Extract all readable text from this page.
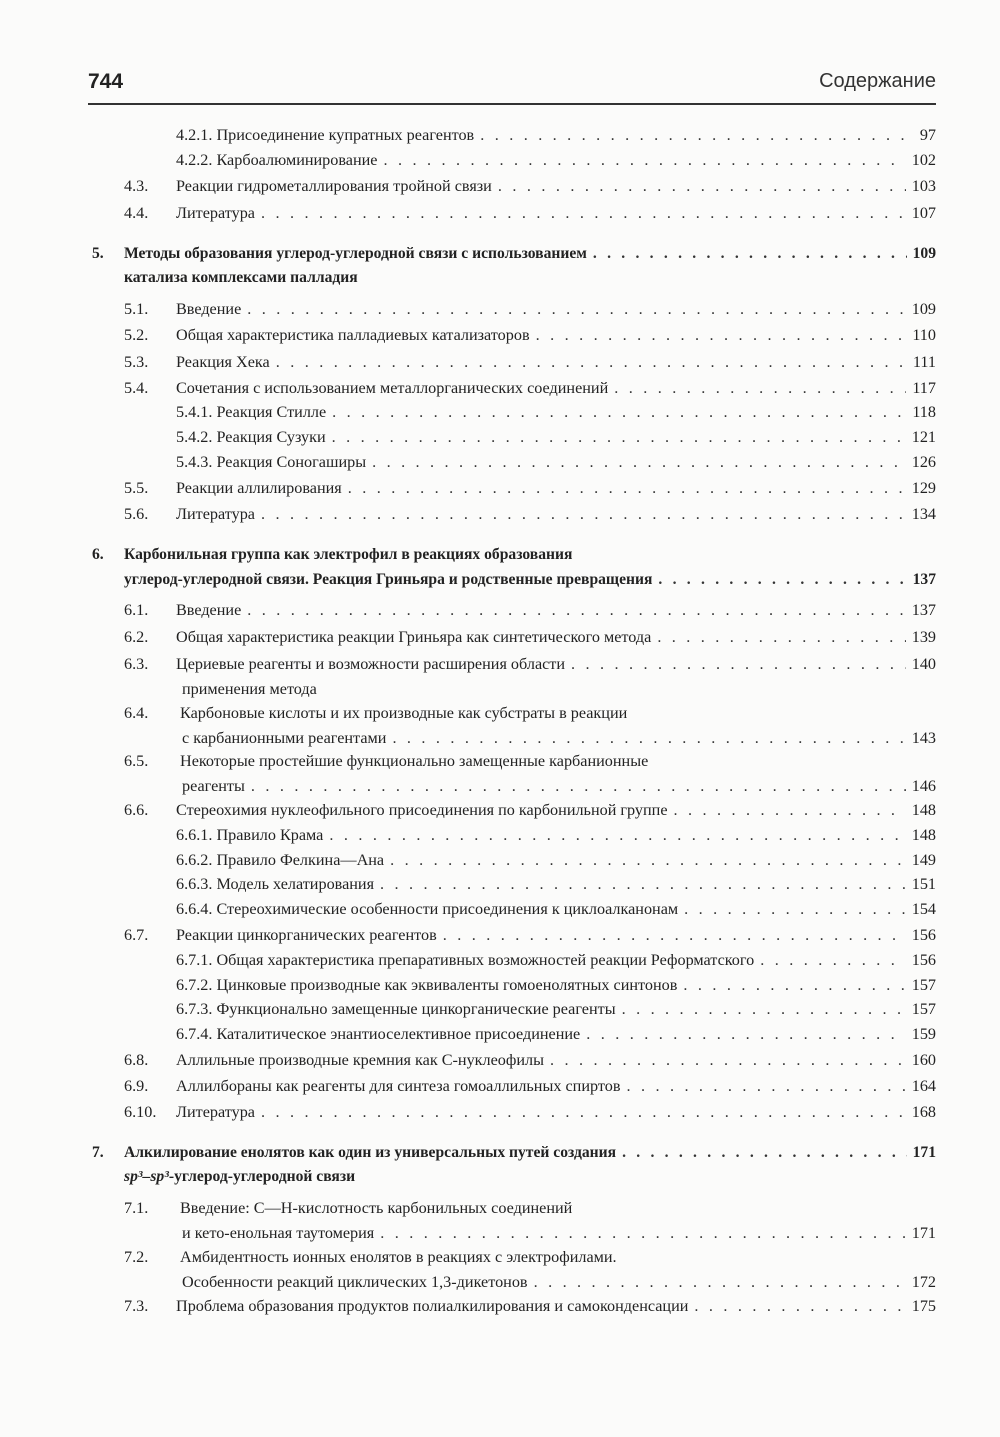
744	Содержание
4.2.1. Присоединение купратных реагентов . . .	97
4.2.2. Карбоалюминирование . . .	102
4.3. Реакции гидрометаллирования тройной связи . . .	103
4.4. Литература . . .	107
5. Методы образования углерод-углеродной связи с использованием . . .	109
катализа комплексами палладия
5.1. Введение . . .	109
5.2. Общая характеристика палладиевых катализаторов . . .	110
5.3. Реакция Хека . . .	111
5.4. Сочетания с использованием металлорганических соединений . . .	117
5.4.1. Реакция Стилле . . .	118
5.4.2. Реакция Сузуки . . .	121
5.4.3. Реакция Соногаширы . . .	126
5.5. Реакции аллилирования . . .	129
5.6. Литература . . .	134
6. Карбонильная группа как электрофил в реакциях образования
углерод-углеродной связи. Реакция Гриньяра и родственные превращения . . .	137
6.1. Введение . . .	137
6.2. Общая характеристика реакции Гриньяра как синтетического метода . . .	139
6.3. Цериевые реагенты и возможности расширения области . . .	140
применения метода
6.4. Карбоновые кислоты и их производные как субстраты в реакции
с карбанионными реагентами . . .	143
6.5. Некоторые простейшие функционально замещенные карбанионные
реагенты . . .	146
6.6. Стереохимия нуклеофильного присоединения по карбонильной группе . . .	148
6.6.1. Правило Крама . . .	148
6.6.2. Правило Фелкина—Ана . . .	149
6.6.3. Модель хелатирования . . .	151
6.6.4. Стереохимические особенности присоединения к циклоалканонам . . .	154
6.7. Реакции цинкорганических реагентов . . .	156
6.7.1. Общая характеристика препаративных возможностей реакции Реформатского . . .	156
6.7.2. Цинковые производные как эквиваленты гомоенолятных синтонов . . .	157
6.7.3. Функционально замещенные цинкорганические реагенты . . .	157
6.7.4. Каталитическое энантиоселективное присоединение . . .	159
6.8. Аллильные производные кремния как C-нуклеофилы . . .	160
6.9. Аллилбораны как реагенты для синтеза гомоаллильных спиртов . . .	164
6.10. Литература . . .	168
7. Алкилирование енолятов как один из универсальных путей создания . . .	171
sp³–sp³-углерод-углеродной связи
7.1. Введение: C—H-кислотность карбонильных соединений
и кето-енольная таутомерия . . .	171
7.2. Амбидентность ионных енолятов в реакциях с электрофилами.
Особенности реакций циклических 1,3-дикетонов . . .	172
7.3. Проблема образования продуктов полиалкилирования и самоконденсации . . .	175
